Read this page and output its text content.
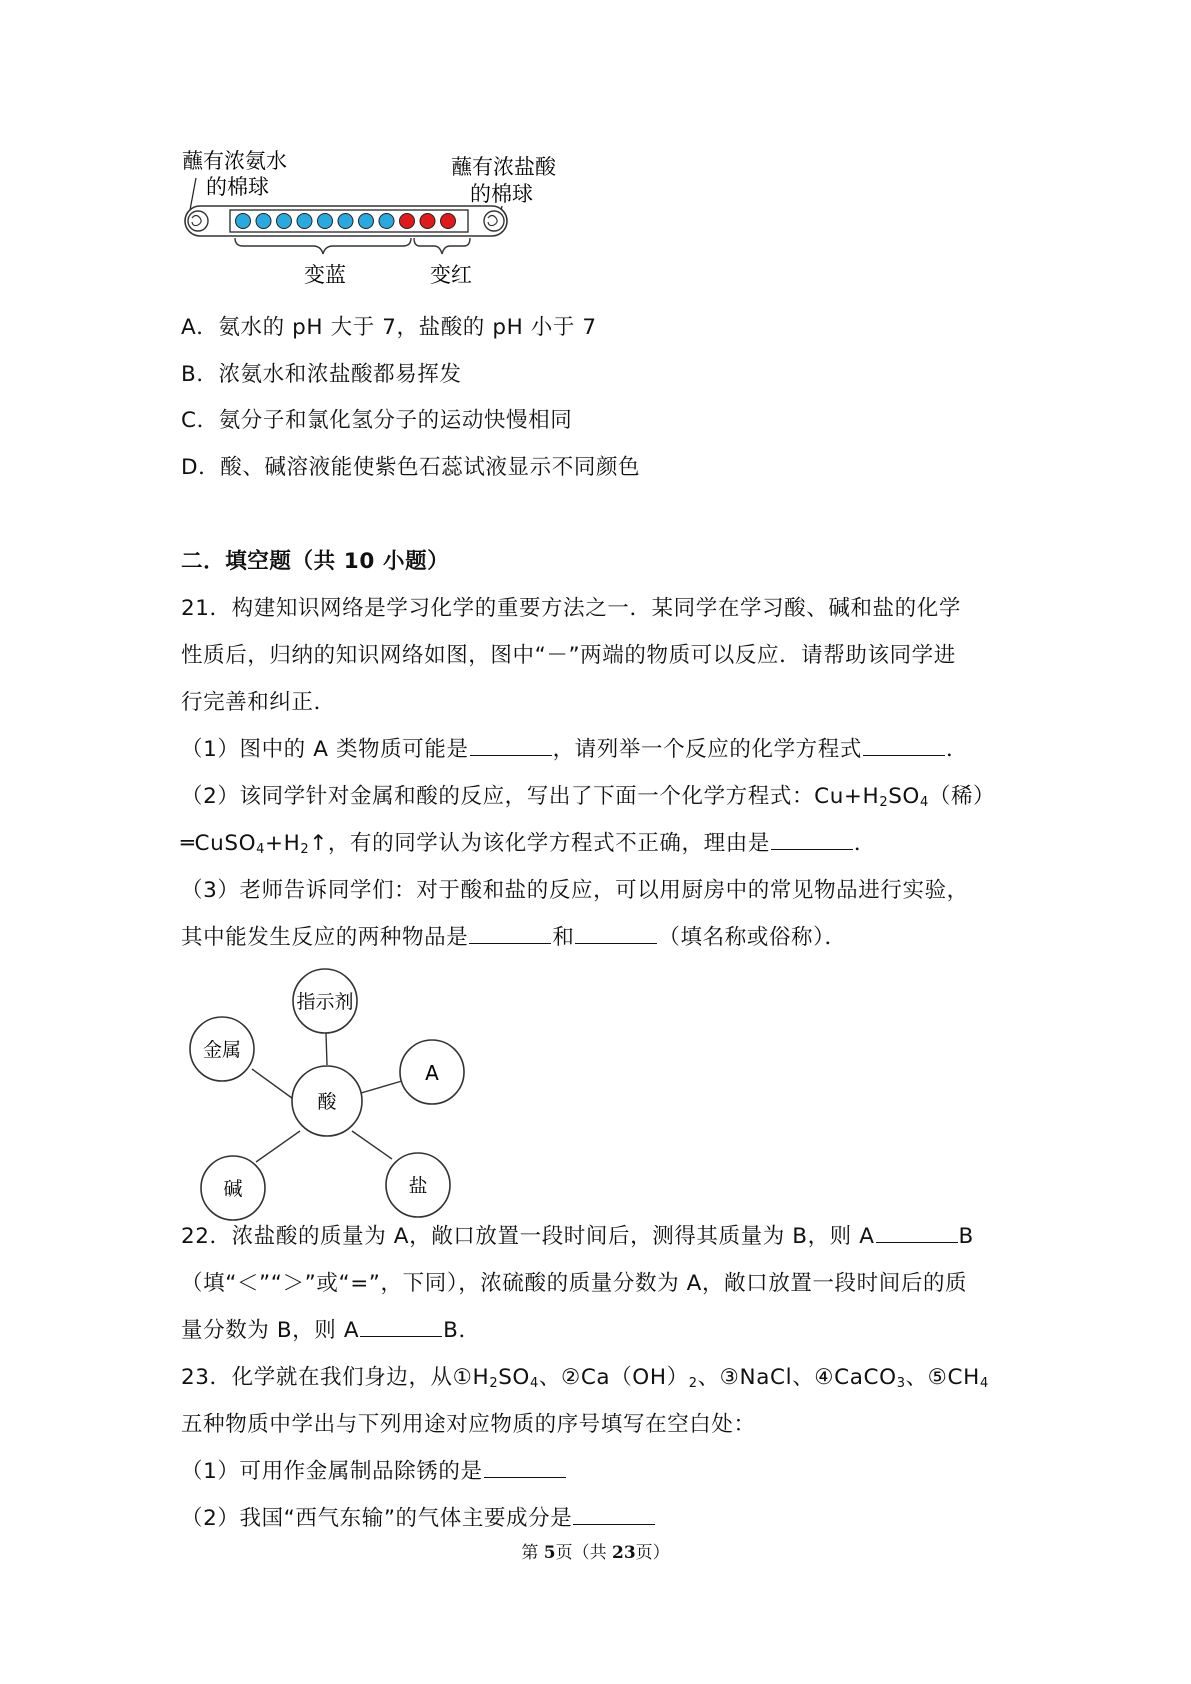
蘸有浓氨水
的棉球
蘸有浓盐酸
的棉球
变蓝	变红
A．氨水的 pH 大于 7，盐酸的 pH 小于 7
B．浓氨水和浓盐酸都易挥发
C．氨分子和氯化氢分子的运动快慢相同
D．酸、碱溶液能使紫色石蕊试液显示不同颜色
二．填空题（共 10 小题）
21．构建知识网络是学习化学的重要方法之一．某同学在学习酸、碱和盐的化学
性质后，归纳的知识网络如图，图中“－”两端的物质可以反应．请帮助该同学进
行完善和纠正．
（1）图中的 A 类物质可能是	，请列举一个反应的化学方程式	．
（2）该同学针对金属和酸的反应，写出了下面一个化学方程式：$Cu+H_2SO_4$（稀）
$═CuSO_4+H_2↑$，有的同学认为该化学方程式不正确，理由是	．
（3）老师告诉同学们：对于酸和盐的反应，可以用厨房中的常见物品进行实验，
其中能发生反应的两种物品是	和	（填名称或俗称）．
指示剂
金属
A
酸
碱	盐
22．浓盐酸的质量为 A，敞口放置一段时间后，测得其质量为 B，则 A	B
（填“＜”“＞”或“=”，下同），浓硫酸的质量分数为 A，敞口放置一段时间后的质
量分数为 B，则 A	B．
23．化学就在我们身边，从$①H_2SO_4$、$②Ca(OH)_2$、③NaCl、④CaCO$_3$、$⑤CH_4$
五种物质中学出与下列用途对应物质的序号填写在空白处：
（1）可用作金属制品除锈的是
（2）我国“西气东输”的气体主要成分是
第 5页（共 23页）
